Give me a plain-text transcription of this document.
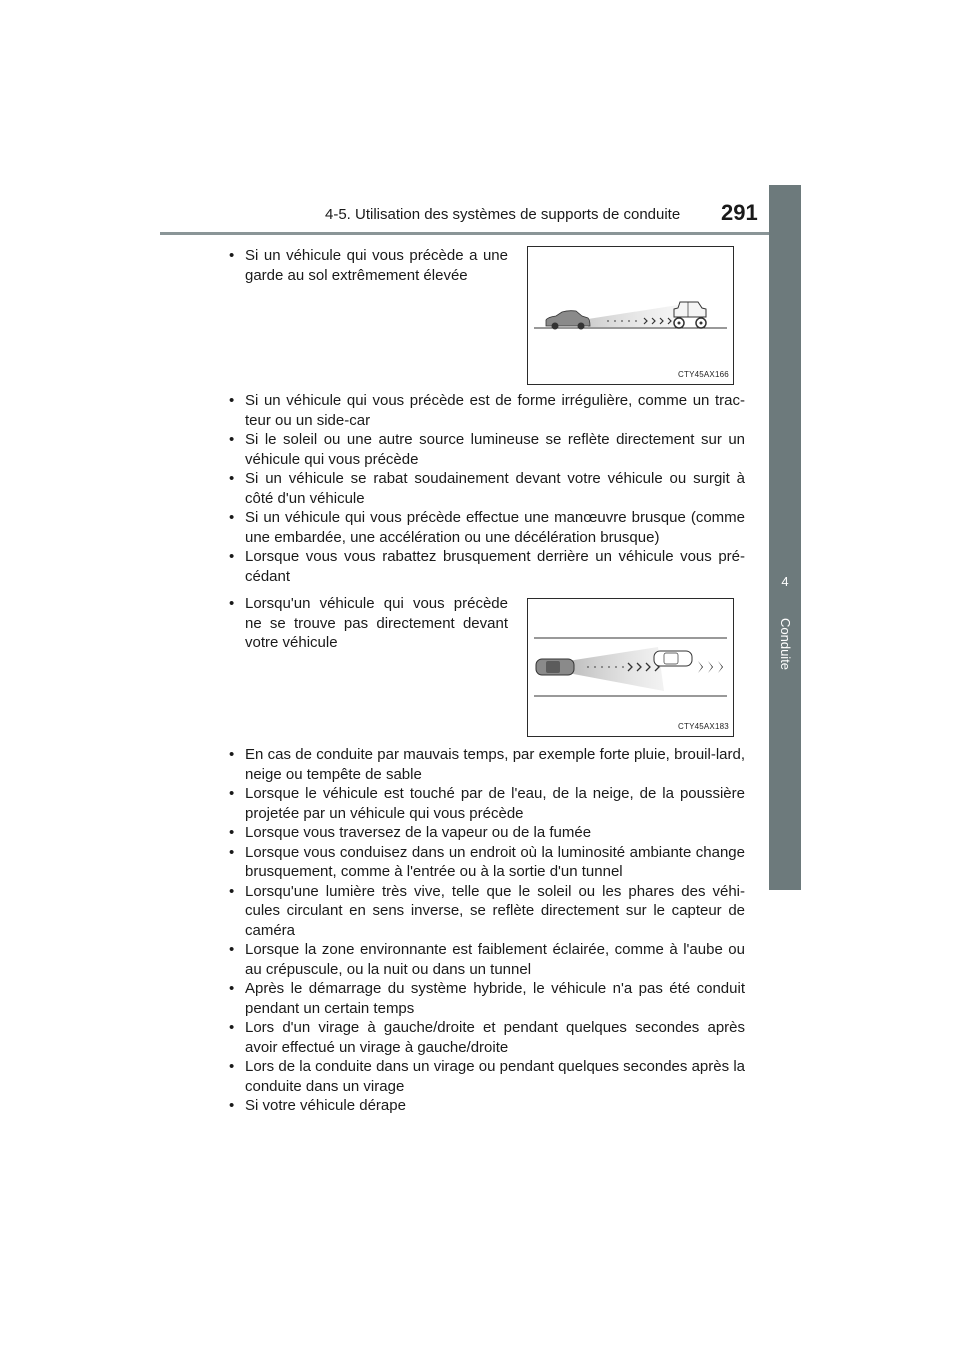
4-5. Utilisation des systèmes de supports de conduite 291
4
Conduite
• Si un véhicule qui vous précède a une garde au sol extrêmement élevée
CTY45AX166
• Si un véhicule qui vous précède est de forme irrégulière, comme un trac-teur ou un side-car
• Si le soleil ou une autre source lumineuse se reflète directement sur un véhicule qui vous précède
• Si un véhicule se rabat soudainement devant votre véhicule ou surgit à côté d'un véhicule
• Si un véhicule qui vous précède effectue une manœuvre brusque (comme une embardée, une accélération ou une décélération brusque)
• Lorsque vous vous rabattez brusquement derrière un véhicule vous pré-cédant
• Lorsqu'un véhicule qui vous précède ne se trouve pas directement devant votre véhicule
CTY45AX183
• En cas de conduite par mauvais temps, par exemple forte pluie, brouil-lard, neige ou tempête de sable
• Lorsque le véhicule est touché par de l'eau, de la neige, de la poussière projetée par un véhicule qui vous précède
• Lorsque vous traversez de la vapeur ou de la fumée
• Lorsque vous conduisez dans un endroit où la luminosité ambiante change brusquement, comme à l'entrée ou à la sortie d'un tunnel
• Lorsqu'une lumière très vive, telle que le soleil ou les phares des véhi-cules circulant en sens inverse, se reflète directement sur le capteur de caméra
• Lorsque la zone environnante est faiblement éclairée, comme à l'aube ou au crépuscule, ou la nuit ou dans un tunnel
• Après le démarrage du système hybride, le véhicule n'a pas été conduit pendant un certain temps
• Lors d'un virage à gauche/droite et pendant quelques secondes après avoir effectué un virage à gauche/droite
• Lors de la conduite dans un virage ou pendant quelques secondes après la conduite dans un virage
• Si votre véhicule dérape
